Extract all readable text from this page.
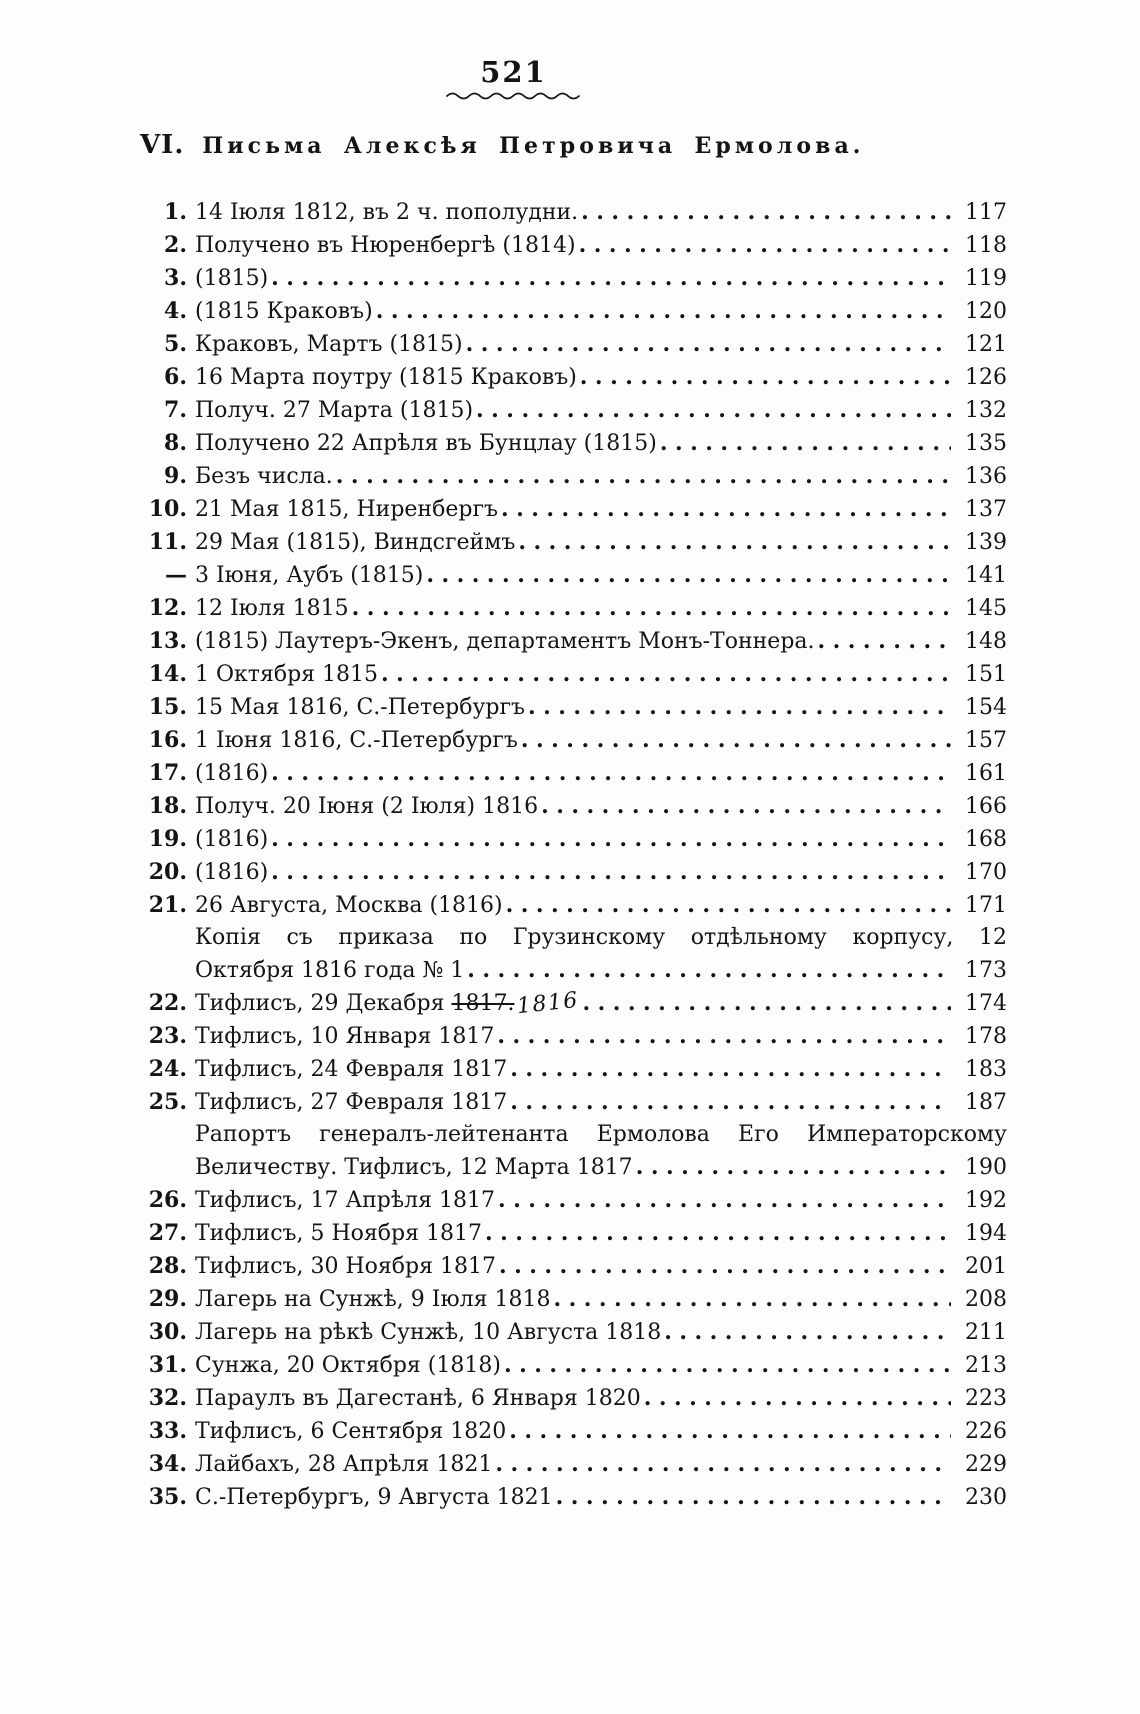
521
VI. Письма Алексѣя Петровича Ермолова.
1. 14 Іюля 1812, въ 2 ч. пополудни. .....	117
2. Получено въ Нюренбергѣ (1814) .....	118
3. (1815) .....	119
4. (1815 Краковъ) .....	120
5. Краковъ, Мартъ (1815) .....	121
6. 16 Марта поутру (1815 Краковъ) .....	126
7. Получ. 27 Марта (1815) .....	132
8. Получено 22 Апрѣля въ Бунцлау (1815) .....	135
9. Безъ числа. .....	136
10. 21 Мая 1815, Ниренбергъ .....	137
11. 29 Мая (1815), Виндсгеймъ .....	139
— 3 Іюня, Аубъ (1815) .....	141
12. 12 Іюля 1815 .....	145
13. (1815) Лаутеръ-Экенъ, департаментъ Монъ-Тоннера. .....	148
14. 1 Октября 1815 .....	151
15. 15 Мая 1816, С.-Петербургъ .....	154
16. 1 Іюня 1816, С.-Петербургъ .....	157
17. (1816) .....	161
18. Получ. 20 Іюня (2 Іюля) 1816 .....	166
19. (1816) .....	168
20. (1816) .....	170
21. 26 Августа, Москва (1816) .....	171
Копія съ приказа по Грузинскому отдѣльному корпусу, 12
Октября 1816 года № 1 .....	173
22. Тифлисъ, 29 Декабря 1817.1816 .....	174
23. Тифлисъ, 10 Января 1817 .....	178
24. Тифлисъ, 24 Февраля 1817 .....	183
25. Тифлисъ, 27 Февраля 1817 .....	187
Рапортъ генералъ-лейтенанта Ермолова Его Императорскому
Величеству. Тифлисъ, 12 Марта 1817 .....	190
26. Тифлисъ, 17 Апрѣля 1817 .....	192
27. Тифлисъ, 5 Ноября 1817 .....	194
28. Тифлисъ, 30 Ноября 1817 .....	201
29. Лагерь на Сунжѣ, 9 Іюля 1818 .....	208
30. Лагерь на рѣкѣ Сунжѣ, 10 Августа 1818 .....	211
31. Сунжа, 20 Октября (1818) .....	213
32. Параулъ въ Дагестанѣ, 6 Января 1820 .....	223
33. Тифлисъ, 6 Сентября 1820 .....	226
34. Лайбахъ, 28 Апрѣля 1821 .....	229
35. С.-Петербургъ, 9 Августа 1821 .....	230
